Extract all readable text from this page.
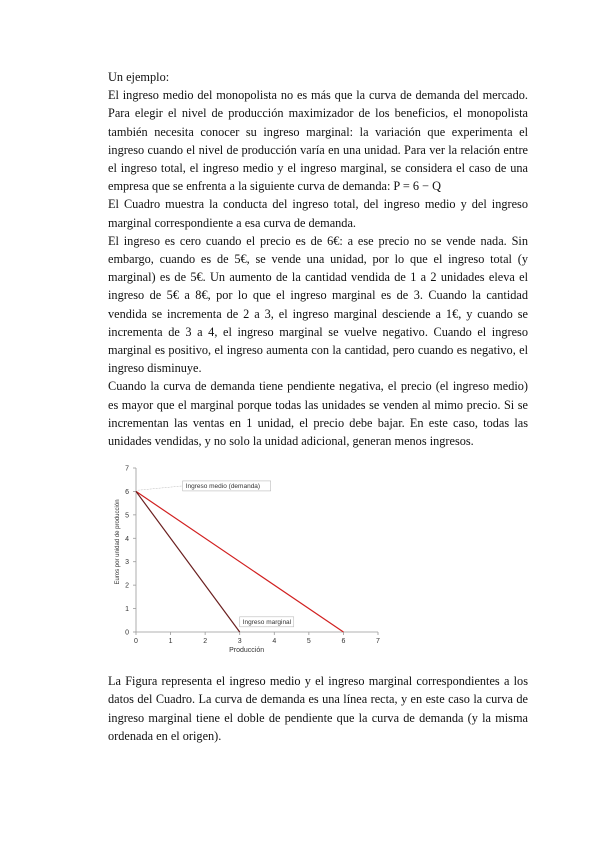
Un ejemplo:

El ingreso medio del monopolista no es más que la curva de demanda del mercado. Para elegir el nivel de producción maximizador de los beneficios, el monopolista también necesita conocer su ingreso marginal: la variación que experimenta el ingreso cuando el nivel de producción varía en una unidad. Para ver la relación entre el ingreso total, el ingreso medio y el ingreso marginal, se considera el caso de una empresa que se enfrenta a la siguiente curva de demanda: P = 6 − Q

El Cuadro muestra la conducta del ingreso total, del ingreso medio y del ingreso marginal correspondiente a esa curva de demanda.

El ingreso es cero cuando el precio es de 6€: a ese precio no se vende nada. Sin embargo, cuando es de 5€, se vende una unidad, por lo que el ingreso total (y marginal) es de 5€. Un aumento de la cantidad vendida de 1 a 2 unidades eleva el ingreso de 5€ a 8€, por lo que el ingreso marginal es de 3. Cuando la cantidad vendida se incrementa de 2 a 3, el ingreso marginal desciende a 1€, y cuando se incrementa de 3 a 4, el ingreso marginal se vuelve negativo. Cuando el ingreso marginal es positivo, el ingreso aumenta con la cantidad, pero cuando es negativo, el ingreso disminuye.

Cuando la curva de demanda tiene pendiente negativa, el precio (el ingreso medio) es mayor que el marginal porque todas las unidades se venden al mimo precio. Si se incrementan las ventas en 1 unidad, el precio debe bajar. En este caso, todas las unidades vendidas, y no solo la unidad adicional, generan menos ingresos.

0	1	2	3	4	5	6	7
0
1
2
3
4
5
6
7
Producción
Euros por unidad de producción
Ingreso medio (demanda)
Ingreso marginal

La Figura representa el ingreso medio y el ingreso marginal correspondientes a los datos del Cuadro. La curva de demanda es una línea recta, y en este caso la curva de ingreso marginal tiene el doble de pendiente que la curva de demanda (y la misma ordenada en el origen).
